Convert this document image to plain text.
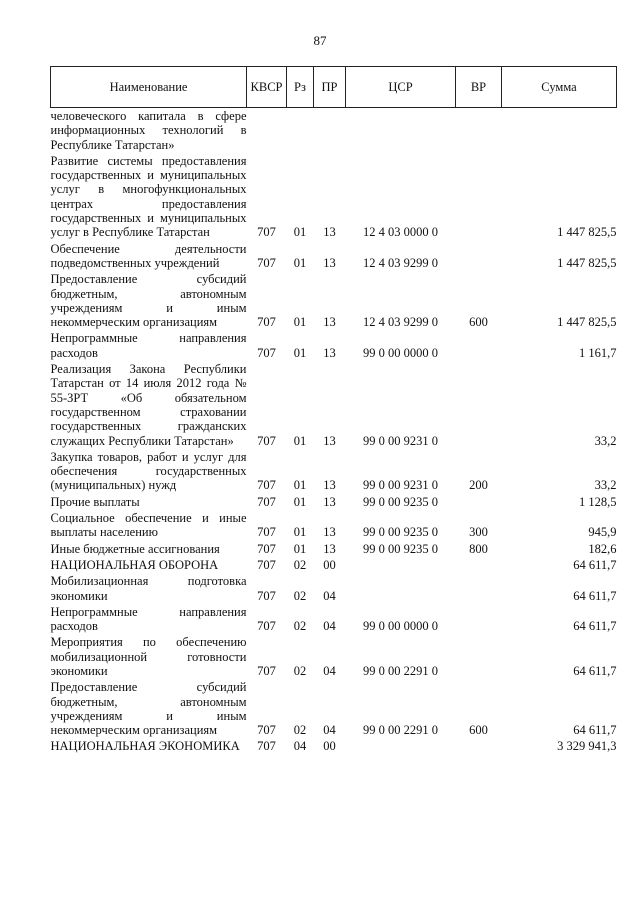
87
Наименование	КВСР	Рз	ПР	ЦСР	ВР	Сумма
человеческого капитала в сфере информационных технологий в Республике Татарстан»						
Развитие системы предоставления государственных и муниципальных услуг в многофункциональных центрах предоставления государственных и муниципальных услуг в Республике Татарстан	707	01	13	12 4 03 0000 0		1 447 825,5
Обеспечение деятельности подведомственных учреждений	707	01	13	12 4 03 9299 0		1 447 825,5
Предоставление субсидий бюджетным, автономным учреждениям и иным некоммерческим организациям	707	01	13	12 4 03 9299 0	600	1 447 825,5
Непрограммные направления расходов	707	01	13	99 0 00 0000 0		1 161,7
Реализация Закона Республики Татарстан от 14 июля 2012 года № 55-ЗРТ «Об обязательном государственном страховании государственных гражданских служащих Республики Татарстан»	707	01	13	99 0 00 9231 0		33,2
Закупка товаров, работ и услуг для обеспечения государственных (муниципальных) нужд	707	01	13	99 0 00 9231 0	200	33,2
Прочие выплаты	707	01	13	99 0 00 9235 0		1 128,5
Социальное обеспечение и иные выплаты населению	707	01	13	99 0 00 9235 0	300	945,9
Иные бюджетные ассигнования	707	01	13	99 0 00 9235 0	800	182,6
НАЦИОНАЛЬНАЯ ОБОРОНА	707	02	00			64 611,7
Мобилизационная подготовка экономики	707	02	04			64 611,7
Непрограммные направления расходов	707	02	04	99 0 00 0000 0		64 611,7
Мероприятия по обеспечению мобилизационной готовности экономики	707	02	04	99 0 00 2291 0		64 611,7
Предоставление субсидий бюджетным, автономным учреждениям и иным некоммерческим организациям	707	02	04	99 0 00 2291 0	600	64 611,7
НАЦИОНАЛЬНАЯ ЭКОНОМИКА	707	04	00			3 329 941,3
